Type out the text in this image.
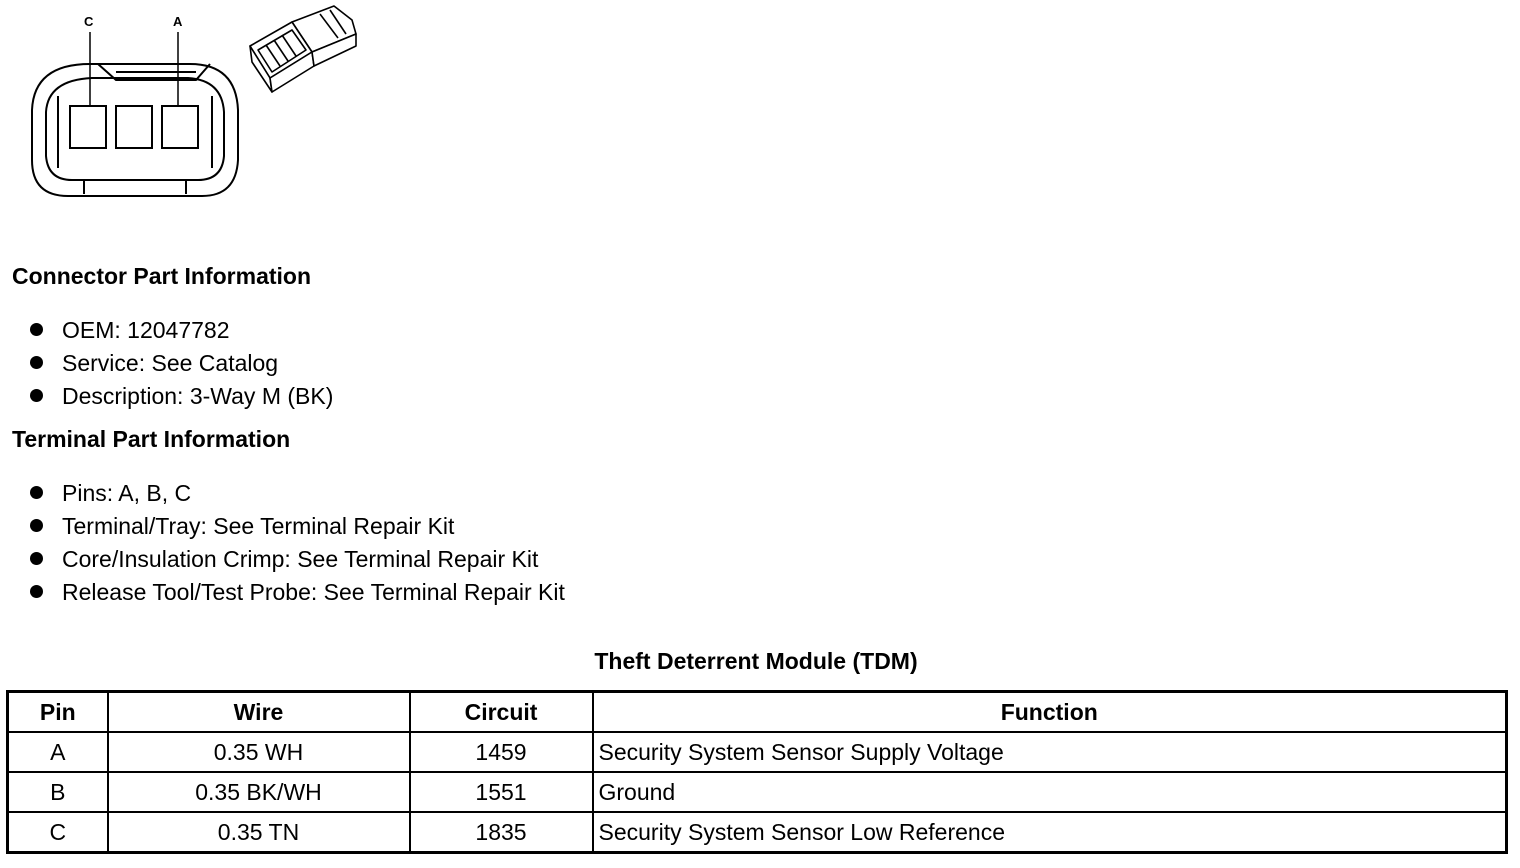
C	A
Connector Part Information
OEM: 12047782
Service: See Catalog
Description: 3-Way M (BK)
Terminal Part Information
Pins: A, B, C
Terminal/Tray: See Terminal Repair Kit
Core/Insulation Crimp: See Terminal Repair Kit
Release Tool/Test Probe: See Terminal Repair Kit
Theft Deterrent Module (TDM)
Pin	Wire	Circuit	Function
A	0.35 WH	1459	Security System Sensor Supply Voltage
B	0.35 BK/WH	1551	Ground
C	0.35 TN	1835	Security System Sensor Low Reference
